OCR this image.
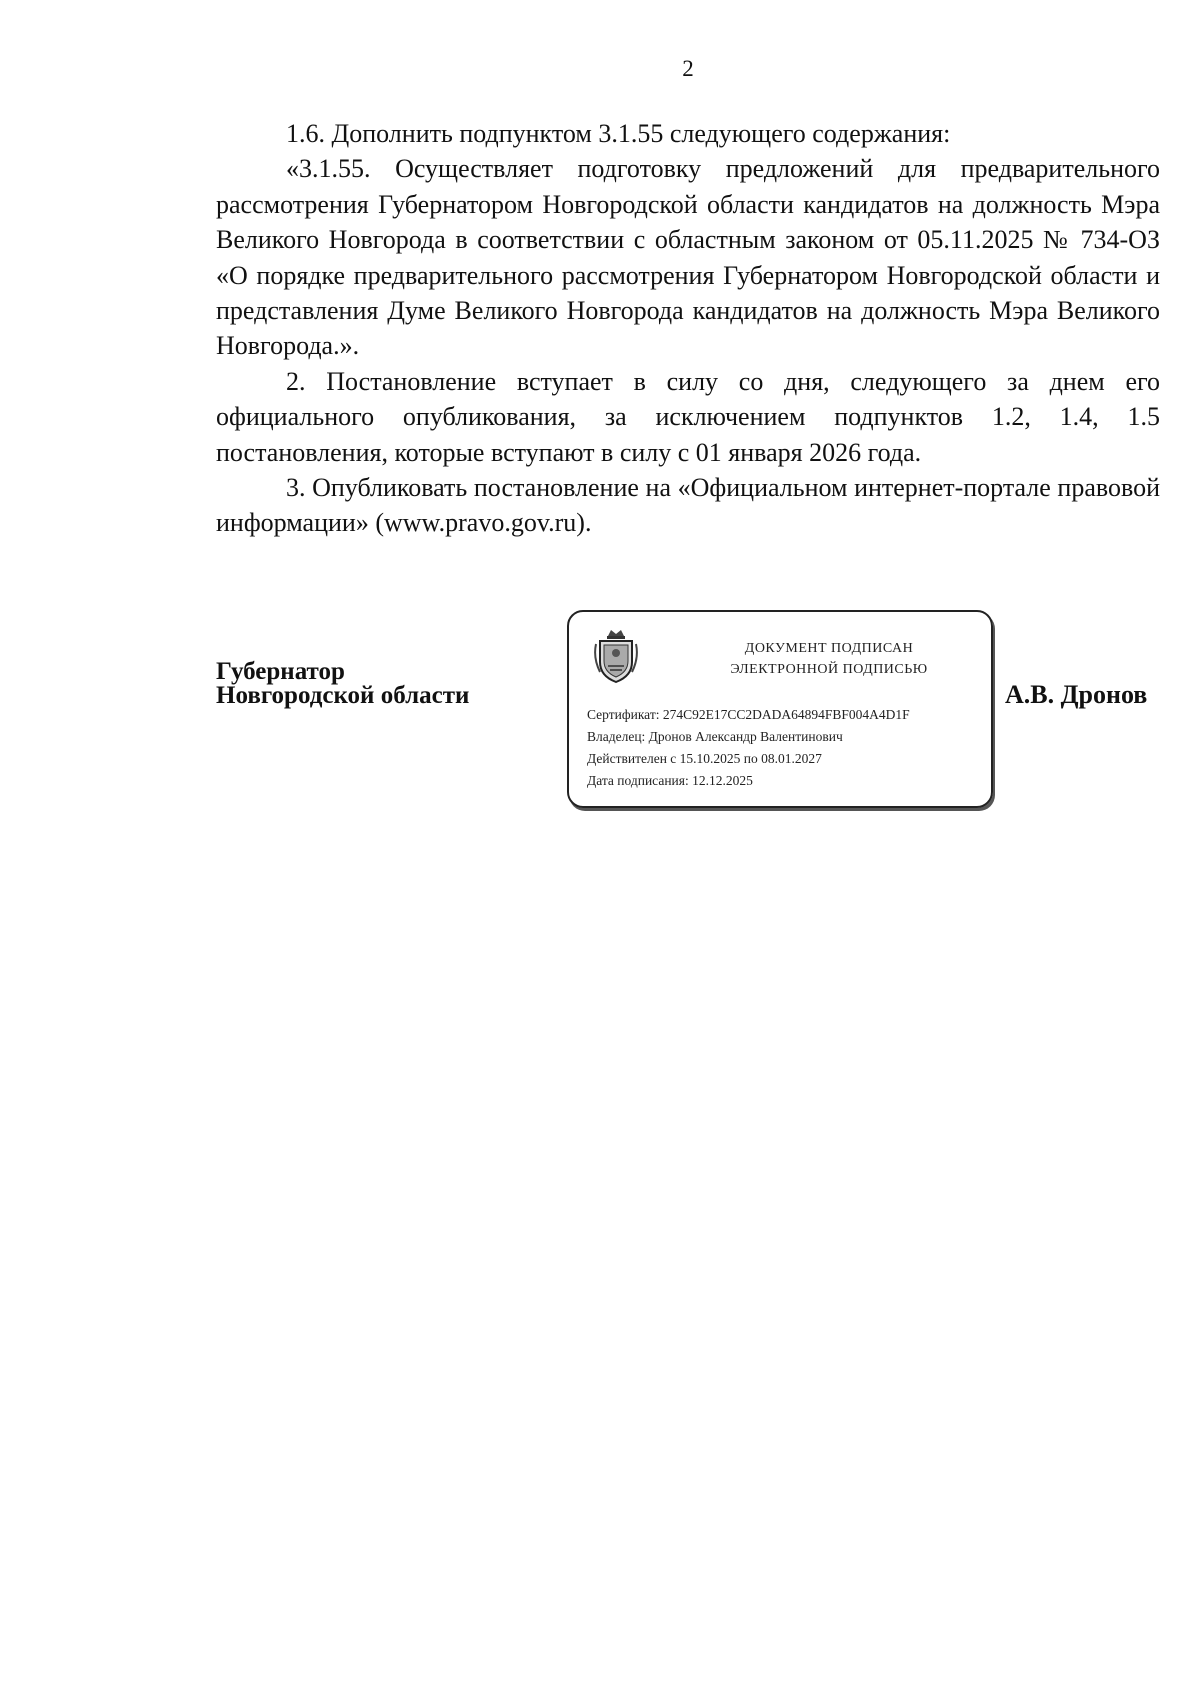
2

1.6. Дополнить подпунктом 3.1.55 следующего содержания:

«3.1.55. Осуществляет подготовку предложений для предварительного рассмотрения Губернатором Новгородской области кандидатов на должность Мэра Великого Новгорода в соответствии с областным законом от 05.11.2025 № 734-ОЗ «О порядке предварительного рассмотрения Губернатором Новгородской области и представления Думе Великого Новгорода кандидатов на должность Мэра Великого Новгорода.».

2. Постановление вступает в силу со дня, следующего за днем его официального опубликования, за исключением подпунктов 1.2, 1.4, 1.5 постановления, которые вступают в силу с 01 января 2026 года.

3. Опубликовать постановление на «Официальном интернет-портале правовой информации» (www.pravo.gov.ru).

Губернатор
Новгородской области
ДОКУМЕНТ ПОДПИСАН
ЭЛЕКТРОННОЙ ПОДПИСЬЮ
Сертификат: 274C92E17CC2DADA64894FBF004A4D1F
Владелец: Дронов Александр Валентинович
Действителен с 15.10.2025 по 08.01.2027
Дата подписания: 12.12.2025
А.В. Дронов
